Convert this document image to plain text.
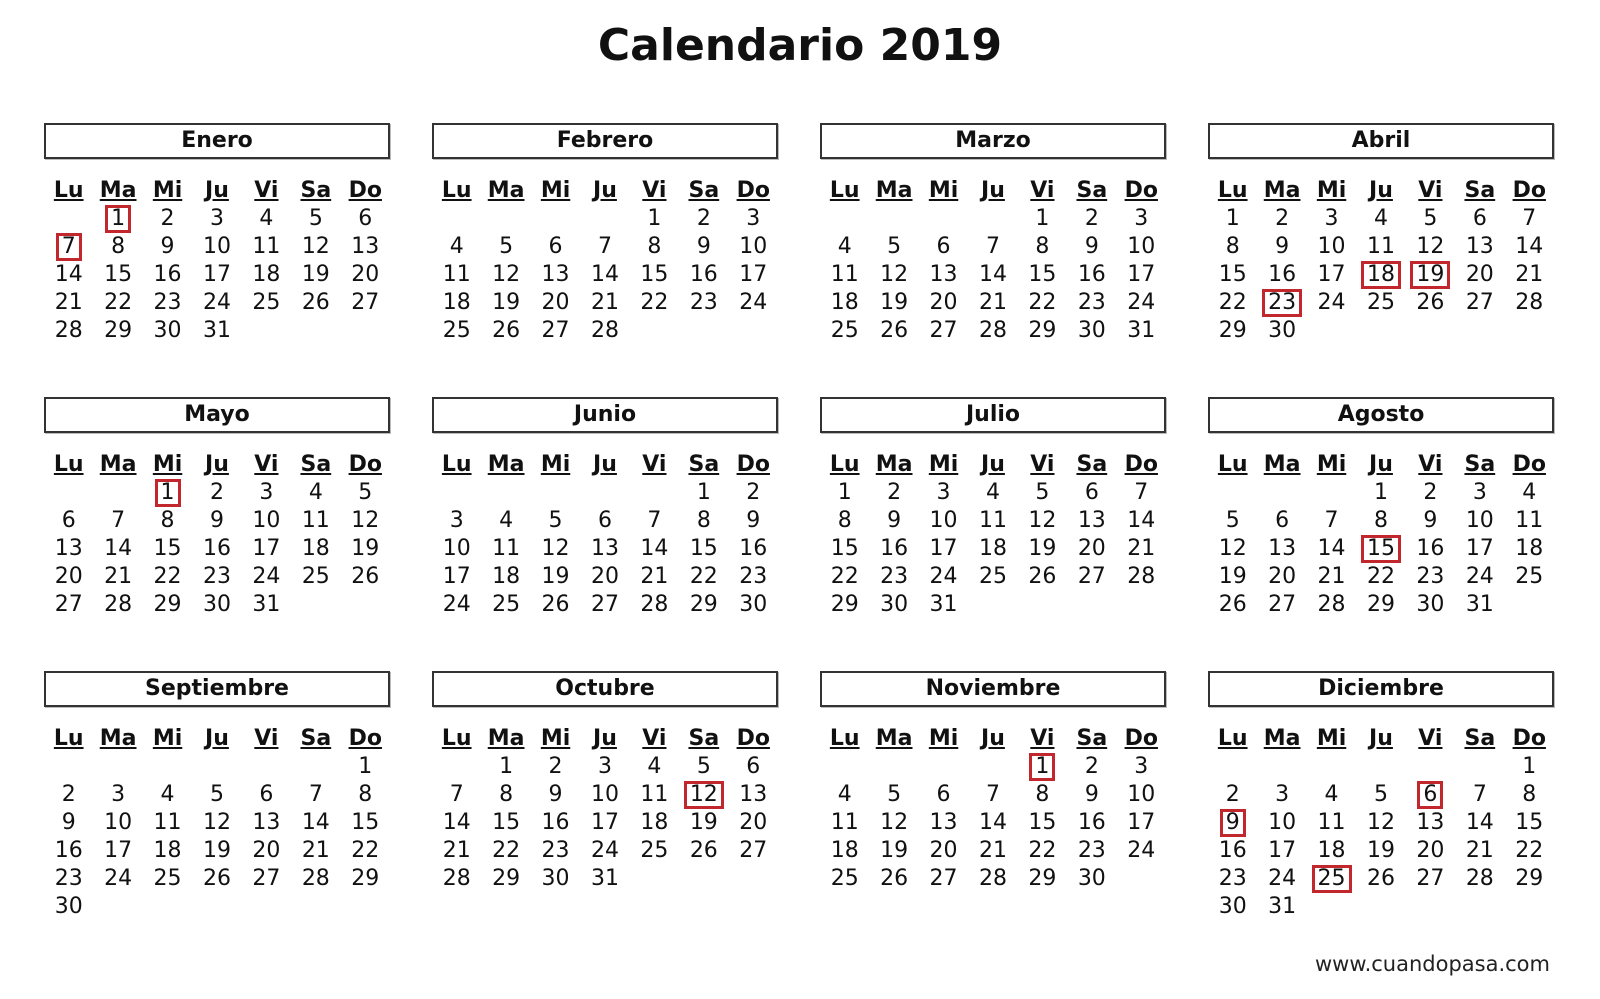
Calendario 2019
Enero
Lu	Ma	Mi	Ju	Vi	Sa	Do
	1	2	3	4	5	6
7	8	9	10	11	12	13
14	15	16	17	18	19	20
21	22	23	24	25	26	27
28	29	30	31			
Febrero
Lu	Ma	Mi	Ju	Vi	Sa	Do
				1	2	3
4	5	6	7	8	9	10
11	12	13	14	15	16	17
18	19	20	21	22	23	24
25	26	27	28			
Marzo
Lu	Ma	Mi	Ju	Vi	Sa	Do
				1	2	3
4	5	6	7	8	9	10
11	12	13	14	15	16	17
18	19	20	21	22	23	24
25	26	27	28	29	30	31
Abril
Lu	Ma	Mi	Ju	Vi	Sa	Do
1	2	3	4	5	6	7
8	9	10	11	12	13	14
15	16	17	18	19	20	21
22	23	24	25	26	27	28
29	30					
Mayo
Lu	Ma	Mi	Ju	Vi	Sa	Do
		1	2	3	4	5
6	7	8	9	10	11	12
13	14	15	16	17	18	19
20	21	22	23	24	25	26
27	28	29	30	31		
Junio
Lu	Ma	Mi	Ju	Vi	Sa	Do
					1	2
3	4	5	6	7	8	9
10	11	12	13	14	15	16
17	18	19	20	21	22	23
24	25	26	27	28	29	30
Julio
Lu	Ma	Mi	Ju	Vi	Sa	Do
1	2	3	4	5	6	7
8	9	10	11	12	13	14
15	16	17	18	19	20	21
22	23	24	25	26	27	28
29	30	31				
Agosto
Lu	Ma	Mi	Ju	Vi	Sa	Do
			1	2	3	4
5	6	7	8	9	10	11
12	13	14	15	16	17	18
19	20	21	22	23	24	25
26	27	28	29	30	31	
Septiembre
Lu	Ma	Mi	Ju	Vi	Sa	Do
						1
2	3	4	5	6	7	8
9	10	11	12	13	14	15
16	17	18	19	20	21	22
23	24	25	26	27	28	29
30						
Octubre
Lu	Ma	Mi	Ju	Vi	Sa	Do
	1	2	3	4	5	6
7	8	9	10	11	12	13
14	15	16	17	18	19	20
21	22	23	24	25	26	27
28	29	30	31			
Noviembre
Lu	Ma	Mi	Ju	Vi	Sa	Do
				1	2	3
4	5	6	7	8	9	10
11	12	13	14	15	16	17
18	19	20	21	22	23	24
25	26	27	28	29	30	
Diciembre
Lu	Ma	Mi	Ju	Vi	Sa	Do
						1
2	3	4	5	6	7	8
9	10	11	12	13	14	15
16	17	18	19	20	21	22
23	24	25	26	27	28	29
30	31					
www.cuandopasa.com
